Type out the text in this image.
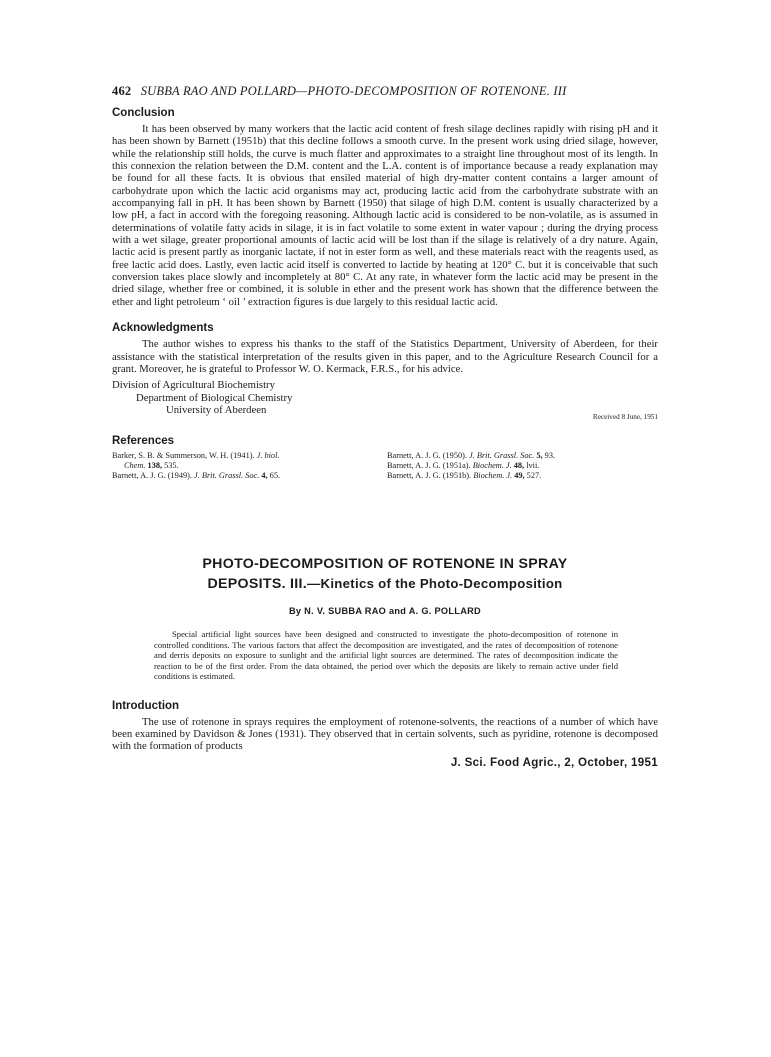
462 SUBBA RAO AND POLLARD—PHOTO-DECOMPOSITION OF ROTENONE. III
Conclusion

It has been observed by many workers that the lactic acid content of fresh silage declines rapidly with rising pH and it has been shown by Barnett (1951b) that this decline follows a smooth curve. In the present work using dried silage, however, while the relationship still holds, the curve is much flatter and approximates to a straight line throughout most of its length. In this connexion the relation between the D.M. content and the L.A. content is of importance because a ready explanation may be found for all these facts. It is obvious that ensiled material of high dry-matter content contains a larger amount of carbohydrate upon which the lactic acid organisms may act, producing lactic acid from the carbohydrate substrate with an accompanying fall in pH. It has been shown by Barnett (1950) that silage of high D.M. content is usually characterized by a low pH, a fact in accord with the foregoing reasoning. Although lactic acid is considered to be non-volatile, as is assumed in determinations of volatile fatty acids in silage, it is in fact volatile to some extent in water vapour ; during the drying process with a wet silage, greater proportional amounts of lactic acid will be lost than if the silage is relatively of a dry nature. Again, lactic acid is present partly as inorganic lactate, if not in ester form as well, and these materials react with the reagents used, as free lactic acid does. Lastly, even lactic acid itself is converted to lactide by heating at 120° C. but it is conceivable that such conversion takes place slowly and incompletely at 80° C. At any rate, in whatever form the lactic acid may be present in the dried silage, whether free or combined, it is soluble in ether and the present work has shown that the difference between the ether and light petroleum ‘ oil ’ extraction figures is due largely to this residual lactic acid.

Acknowledgments

The author wishes to express his thanks to the staff of the Statistics Department, University of Aberdeen, for their assistance with the statistical interpretation of the results given in this paper, and to the Agriculture Research Council for a grant. Moreover, he is grateful to Professor W. O. Kermack, F.R.S., for his advice.

Division of Agricultural Biochemistry
Department of Biological Chemistry
University of Aberdeen
Received 8 June, 1951
References
Barker, S. B. & Summerson, W. H. (1941). J. biol.
Chem. 138, 535.
Barnett, A. J. G. (1949). J. Brit. Grassl. Soc. 4, 65.
Barnett, A. J. G. (1950). J. Brit. Grassl. Soc. 5, 93.
Barnett, A. J. G. (1951a). Biochem. J. 48, lvii.
Barnett, A. J. G. (1951b). Biochem. J. 49, 527.
PHOTO-DECOMPOSITION OF ROTENONE IN SPRAY
DEPOSITS. III.—Kinetics of the Photo-Decomposition
By N. V. SUBBA RAO and A. G. POLLARD

Special artificial light sources have been designed and constructed to investigate the photo-decomposition of rotenone in controlled conditions. The various factors that affect the decomposition are investigated, and the rates of decomposition of rotenone and derris deposits on exposure to sunlight and the artificial light sources are determined. The rates of decomposition indicate the reaction to be of the first order. From the data obtained, the period over which the deposits are likely to remain active under field conditions is estimated.

Introduction

The use of rotenone in sprays requires the employment of rotenone-solvents, the reactions of a number of which have been examined by Davidson & Jones (1931). They observed that in certain solvents, such as pyridine, rotenone is decomposed with the formation of products

J. Sci. Food Agric., 2, October, 1951
